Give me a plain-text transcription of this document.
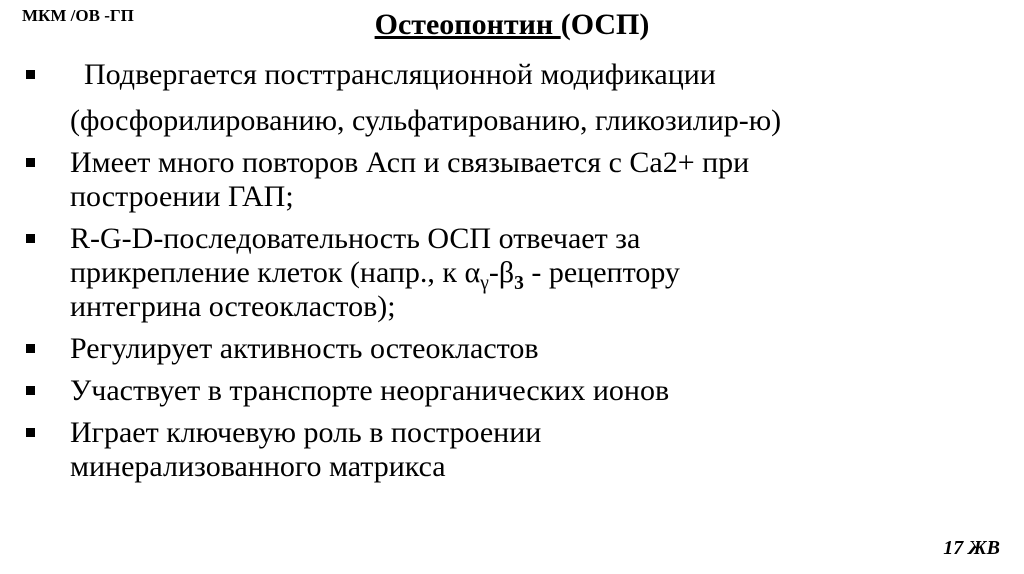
МКМ /ОВ -ГП	Остеопонтин (ОСП)
Подвергается посттрансляционной модификации
(фосфорилированию, сульфатированию, гликозилир-ю)
Имеет много повторов Асп и связывается с Са2+ при
построении ГАП;
R-G-D-последовательность ОСП отвечает за
прикрепление клеток (напр., к $\alpha_\gamma-\beta_3$ - рецептору
интегрина остеокластов);
Регулирует активность остеокластов
Участвует в транспорте неорганических ионов
Играет ключевую роль в построении
минерализованного матрикса
17 ЖВ
